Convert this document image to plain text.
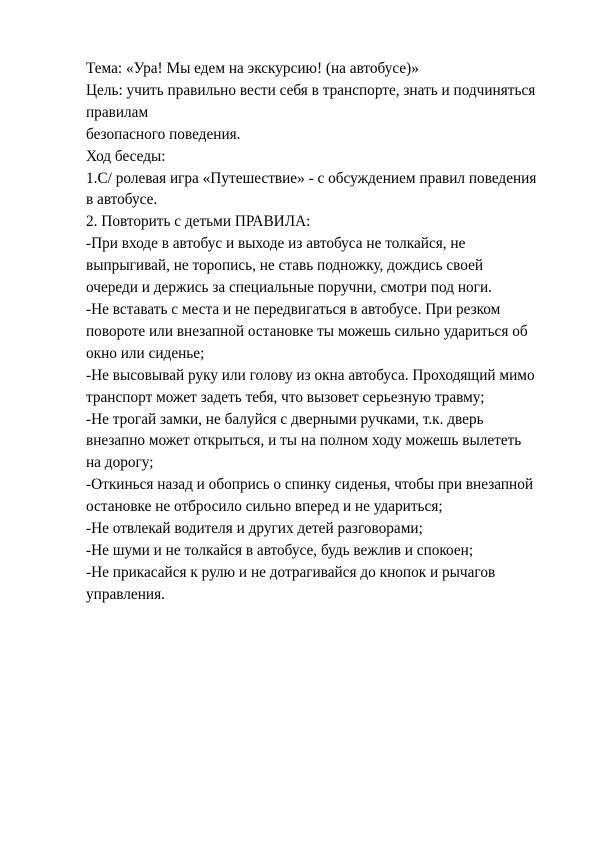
Тема: «Ура! Мы едем на экскурсию! (на автобусе)»
Цель: учить правильно вести себя в транспорте, знать и подчиняться
правилам
безопасного поведения.
Ход беседы:
1.С/ ролевая игра «Путешествие» - с обсуждением правил поведения
в автобусе.
2. Повторить с детьми ПРАВИЛА:
-При входе в автобус и выходе из автобуса не толкайся, не
выпрыгивай, не торопись, не ставь подножку, дождись своей
очереди и держись за специальные поручни, смотри под ноги.
-Не вставать с места и не передвигаться в автобусе. При резком
повороте или внезапной остановке ты можешь сильно удариться об
окно или сиденье;
-Не высовывай руку или голову из окна автобуса. Проходящий мимо
транспорт может задеть тебя, что вызовет серьезную травму;
-Не трогай замки, не балуйся с дверными ручками, т.к. дверь
внезапно может открыться, и ты на полном ходу можешь вылететь
на дорогу;
-Откинься назад и обопрись о спинку сиденья, чтобы при внезапной
остановке не отбросило сильно вперед и не удариться;
-Не отвлекай водителя и других детей разговорами;
-Не шуми и не толкайся в автобусе, будь вежлив и спокоен;
-Не прикасайся к рулю и не дотрагивайся до кнопок и рычагов
управления.
